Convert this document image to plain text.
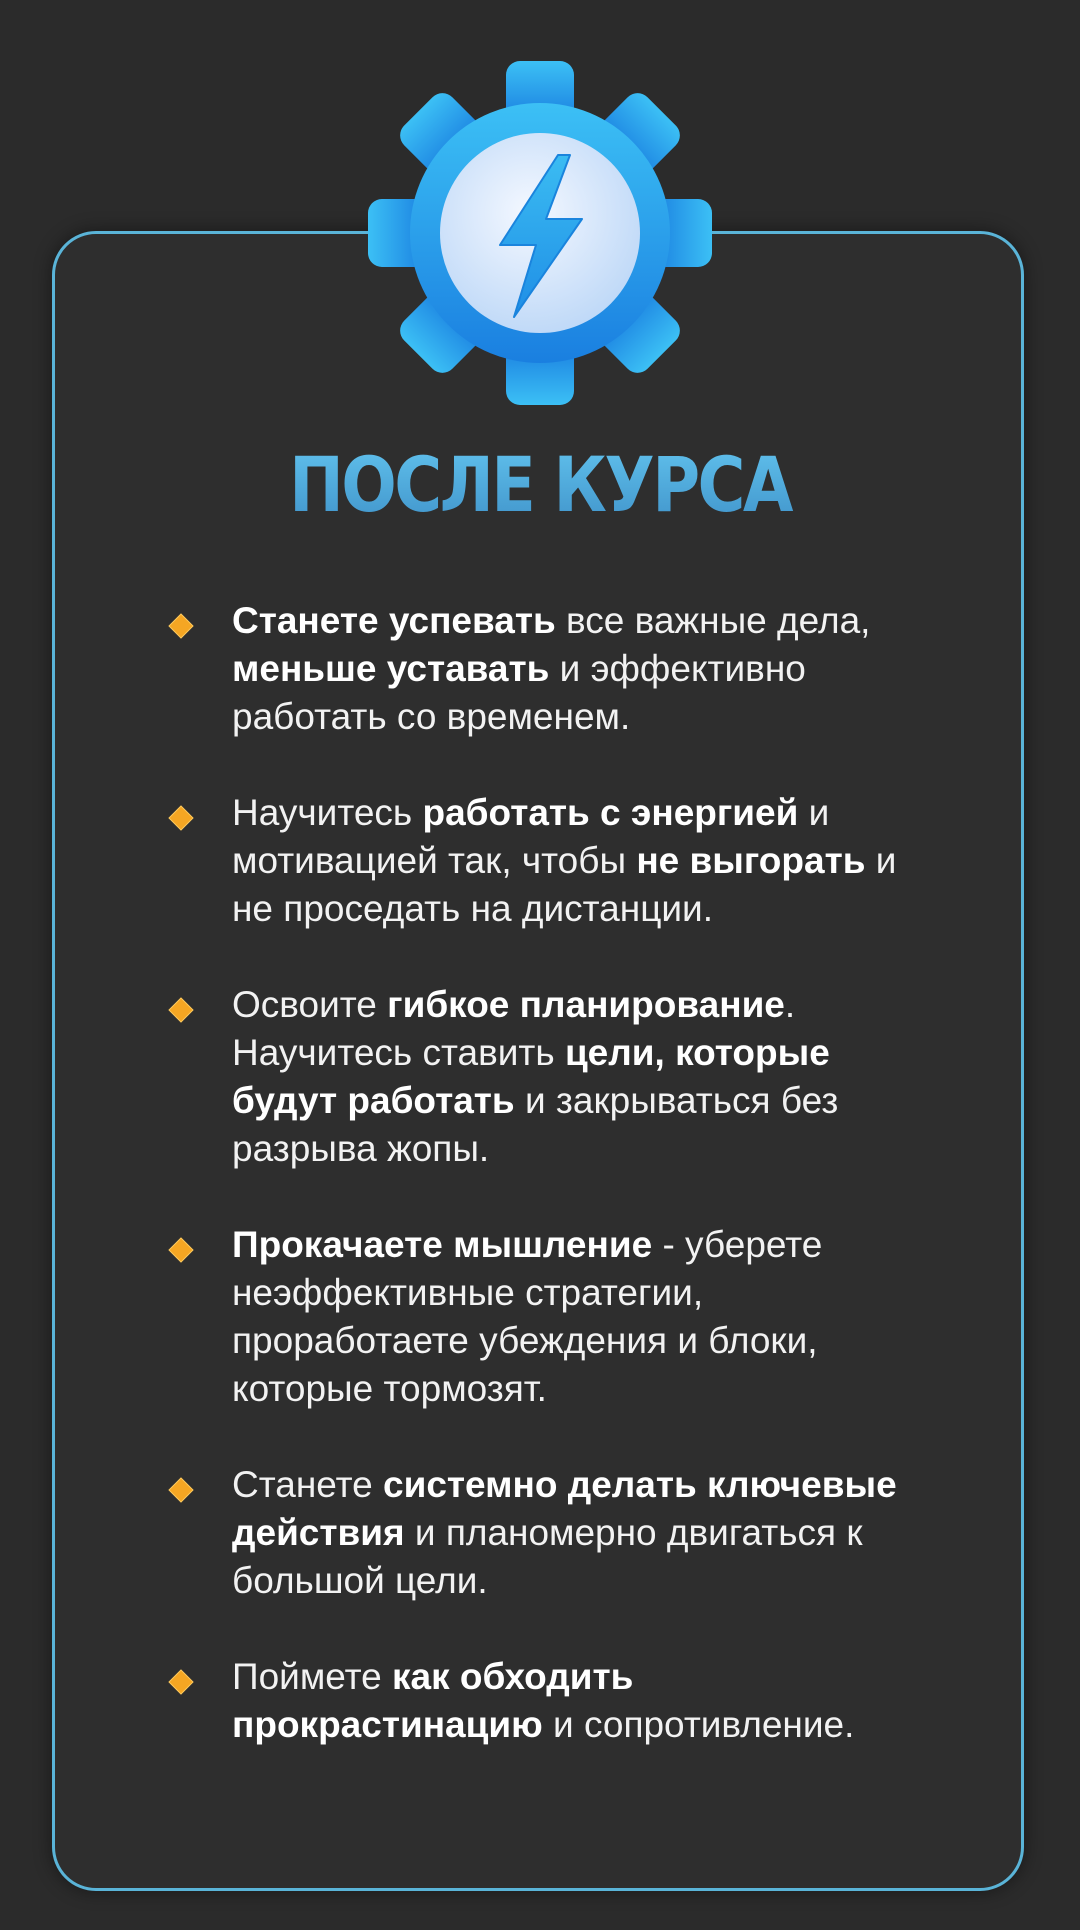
ПОСЛЕ КУРСА
Станете успевать все важные дела, меньше уставать и эффективно работать со временем.
Научитесь работать с энергией и мотивацией так, чтобы не выгорать и не проседать на дистанции.
Освоите гибкое планирование. Научитесь ставить цели, которые будут работать и закрываться без разрыва жопы.
Прокачаете мышление - уберете неэффективные стратегии, проработаете убеждения и блоки, которые тормозят.
Станете системно делать ключевые действия и планомерно двигаться к большой цели.
Поймете как обходить прокрастинацию и сопротивление.
